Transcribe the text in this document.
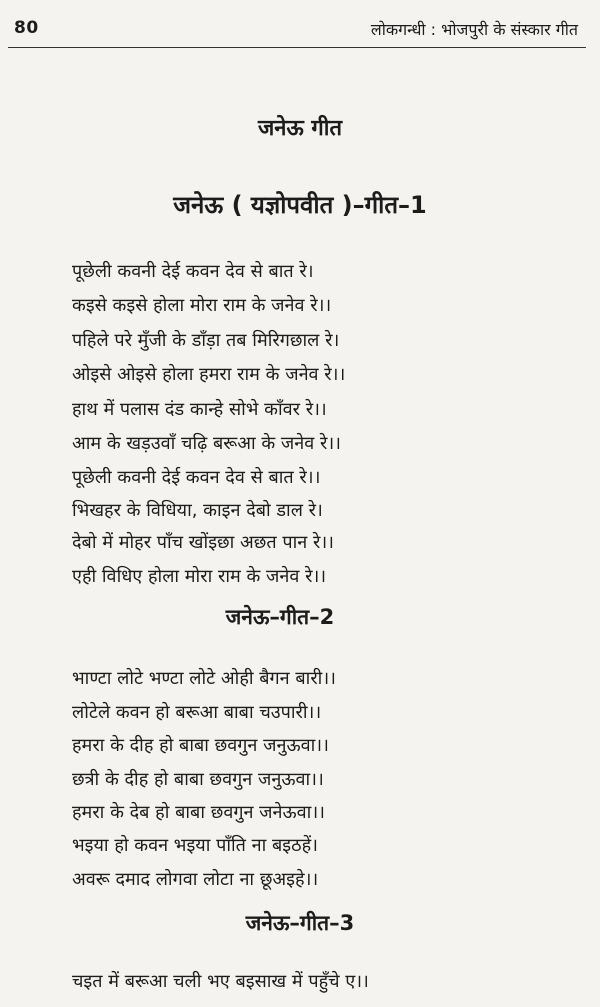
80	लोकगन्धी : भोजपुरी के संस्कार गीत
जनेऊ गीत
जनेऊ ( यज्ञोपवीत )–गीत–1
जनेऊ–गीत–2
जनेऊ–गीत–3
पूछेली कवनी देई कवन देव से बात रे।
कइसे कइसे होला मोरा राम के जनेव रे।।
पहिले परे मुँजी के डाँड़ा तब मिरिगछाल रे।
ओइसे ओइसे होला हमरा राम के जनेव रे।।
हाथ में पलास दंड कान्हे सोभे काँवर रे।।
आम के खड़उवाँ चढ़ि बरूआ के जनेव रे।।
पूछेली कवनी देई कवन देव से बात रे।।
भिखहर के विधिया, काइन देबो डाल रे।
देबो में मोहर पाँच खोंइछा अछत पान रे।।
एही विधिए होला मोरा राम के जनेव रे।।
भाण्टा लोटे भण्टा लोटे ओही बैगन बारी।।
लोटेले कवन हो बरूआ बाबा चउपारी।।
हमरा के दीह हो बाबा छवगुन जनुऊवा।।
छत्री के दीह हो बाबा छवगुन जनुऊवा।।
हमरा के देब हो बाबा छवगुन जनेऊवा।।
भइया हो कवन भइया पाँति ना बइठहें।
अवरू दमाद लोगवा लोटा ना छूअइहे।।
चइत में बरूआ चली भए बइसाख में पहुँचे ए।।
